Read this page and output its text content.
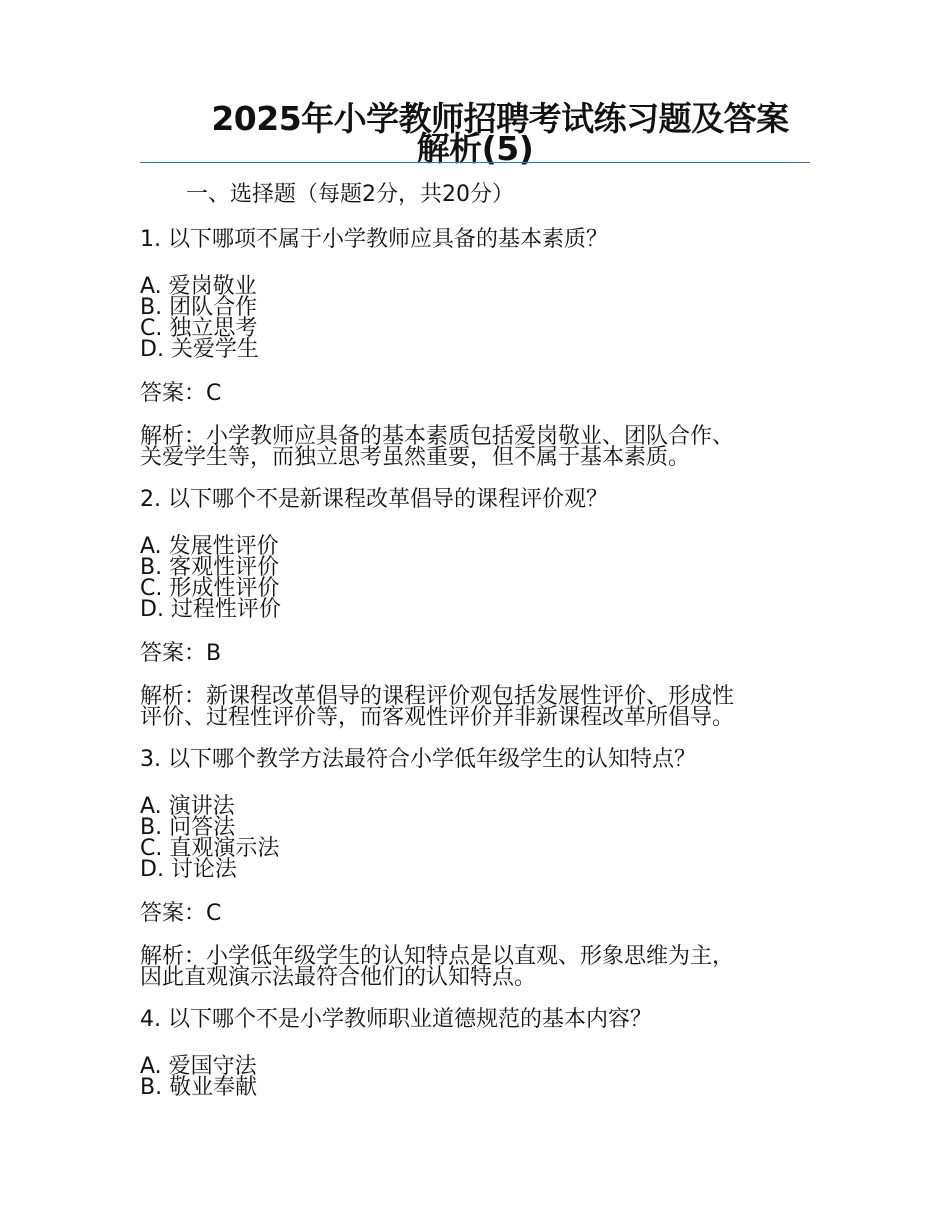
2025年小学教师招聘考试练习题及答案
解析(5)
一、选择题（每题2分，共20分）
1. 以下哪项不属于小学教师应具备的基本素质？
A. 爱岗敬业
B. 团队合作
C. 独立思考
D. 关爱学生
答案：C
解析：小学教师应具备的基本素质包括爱岗敬业、团队合作、
关爱学生等，而独立思考虽然重要，但不属于基本素质。
2. 以下哪个不是新课程改革倡导的课程评价观？
A. 发展性评价
B. 客观性评价
C. 形成性评价
D. 过程性评价
答案：B
解析：新课程改革倡导的课程评价观包括发展性评价、形成性
评价、过程性评价等，而客观性评价并非新课程改革所倡导。
3. 以下哪个教学方法最符合小学低年级学生的认知特点？
A. 演讲法
B. 问答法
C. 直观演示法
D. 讨论法
答案：C
解析：小学低年级学生的认知特点是以直观、形象思维为主，
因此直观演示法最符合他们的认知特点。
4. 以下哪个不是小学教师职业道德规范的基本内容？
A. 爱国守法
B. 敬业奉献
